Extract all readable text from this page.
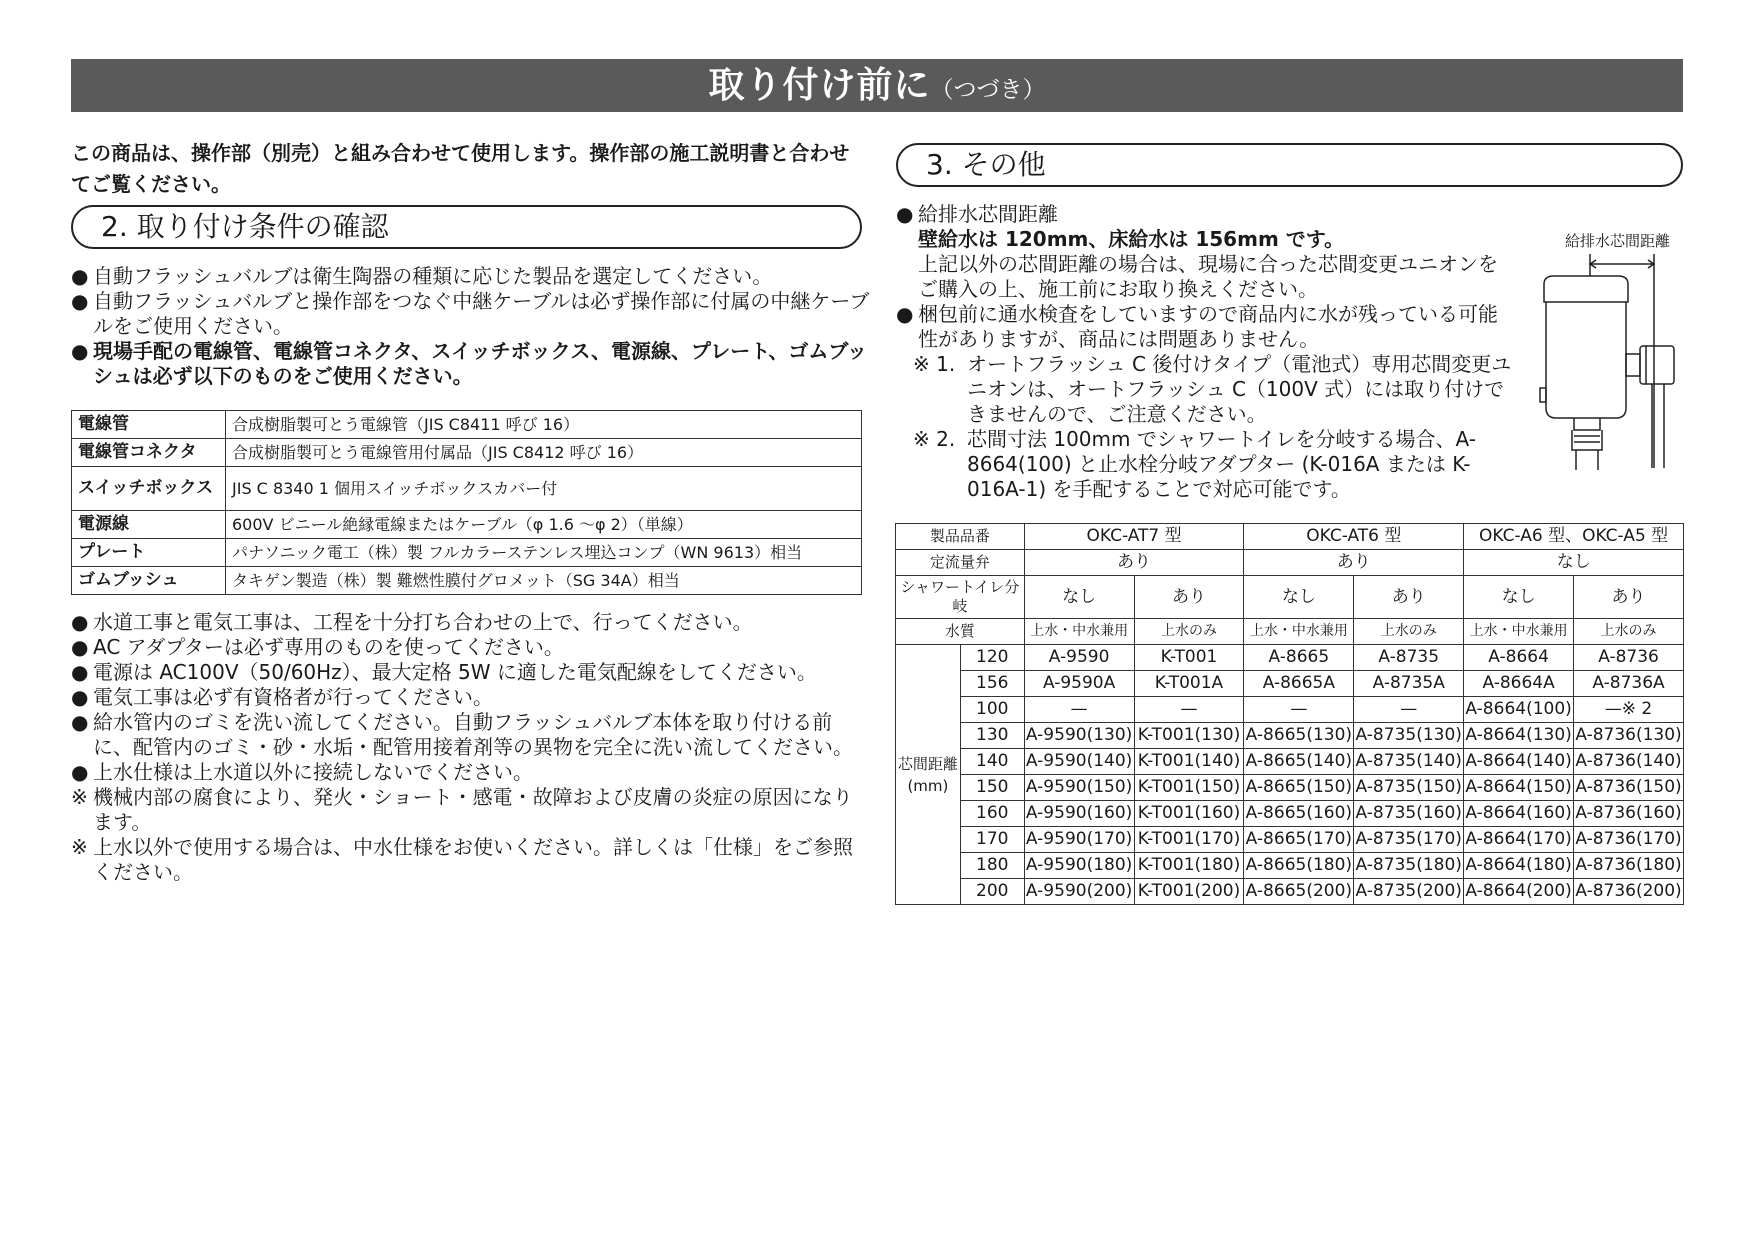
取り付け前に（つづき）
この商品は、操作部（別売）と組み合わせて使用します。操作部の施工説明書と合わせてご覧ください。
2. 取り付け条件の確認
● 自動フラッシュバルブは衛生陶器の種類に応じた製品を選定してください。
● 自動フラッシュバルブと操作部をつなぐ中継ケーブルは必ず操作部に付属の中継ケーブルをご使用ください。
● 現場手配の電線管、電線管コネクタ、スイッチボックス、電源線、プレート、ゴムブッシュは必ず以下のものをご使用ください。
電線管	合成樹脂製可とう電線管（JIS C8411 呼び 16）
電線管コネクタ	合成樹脂製可とう電線管用付属品（JIS C8412 呼び 16）
スイッチボックス	JIS C 8340 1 個用スイッチボックスカバー付
電源線	600V ビニール絶縁電線またはケーブル（φ 1.6 〜φ 2）（単線）
プレート	パナソニック電工（株）製 フルカラーステンレス埋込コンプ（WN 9613）相当
ゴムブッシュ	タキゲン製造（株）製 難燃性膜付グロメット（SG 34A）相当
● 水道工事と電気工事は、工程を十分打ち合わせの上で、行ってください。
● AC アダプターは必ず専用のものを使ってください。
● 電源は AC100V（50/60Hz）、最大定格 5W に適した電気配線をしてください。
● 電気工事は必ず有資格者が行ってください。
● 給水管内のゴミを洗い流してください。自動フラッシュバルブ本体を取り付ける前に、配管内のゴミ・砂・水垢・配管用接着剤等の異物を完全に洗い流してください。
● 上水仕様は上水道以外に接続しないでください。
※ 機械内部の腐食により、発火・ショート・感電・故障および皮膚の炎症の原因になります。
※ 上水以外で使用する場合は、中水仕様をお使いください。詳しくは「仕様」をご参照ください。
3. その他
● 給排水芯間距離
壁給水は 120mm、床給水は 156mm です。
上記以外の芯間距離の場合は、現場に合った芯間変更ユニオンをご購入の上、施工前にお取り換えください。
● 梱包前に通水検査をしていますので商品内に水が残っている可能性がありますが、商品には問題ありません。
※ 1. オートフラッシュ C 後付けタイプ（電池式）専用芯間変更ユニオンは、オートフラッシュ C（100V 式）には取り付けできませんので、ご注意ください。
※ 2. 芯間寸法 100mm でシャワートイレを分岐する場合、A-8664(100) と止水栓分岐アダプター (K-016A または K-016A-1) を手配することで対応可能です。
給排水芯間距離
製品品番		OKC-AT7 型		OKC-AT6 型		OKC-A6 型、OKC-A5 型	
定流量弁		あり		あり		なし	
シャワートイレ分岐		なし	あり	なし	あり	なし	あり
水質		上水・中水兼用	上水のみ	上水・中水兼用	上水のみ	上水・中水兼用	上水のみ
芯間距離(mm)	120	A-9590	K-T001	A-8665	A-8735	A-8664	A-8736
	156	A-9590A	K-T001A	A-8665A	A-8735A	A-8664A	A-8736A
	100	—	—	—	—	A-8664(100)	—※ 2
	130	A-9590(130)	K-T001(130)	A-8665(130)	A-8735(130)	A-8664(130)	A-8736(130)
	140	A-9590(140)	K-T001(140)	A-8665(140)	A-8735(140)	A-8664(140)	A-8736(140)
	150	A-9590(150)	K-T001(150)	A-8665(150)	A-8735(150)	A-8664(150)	A-8736(150)
	160	A-9590(160)	K-T001(160)	A-8665(160)	A-8735(160)	A-8664(160)	A-8736(160)
	170	A-9590(170)	K-T001(170)	A-8665(170)	A-8735(170)	A-8664(170)	A-8736(170)
	180	A-9590(180)	K-T001(180)	A-8665(180)	A-8735(180)	A-8664(180)	A-8736(180)
	200	A-9590(200)	K-T001(200)	A-8665(200)	A-8735(200)	A-8664(200)	A-8736(200)
